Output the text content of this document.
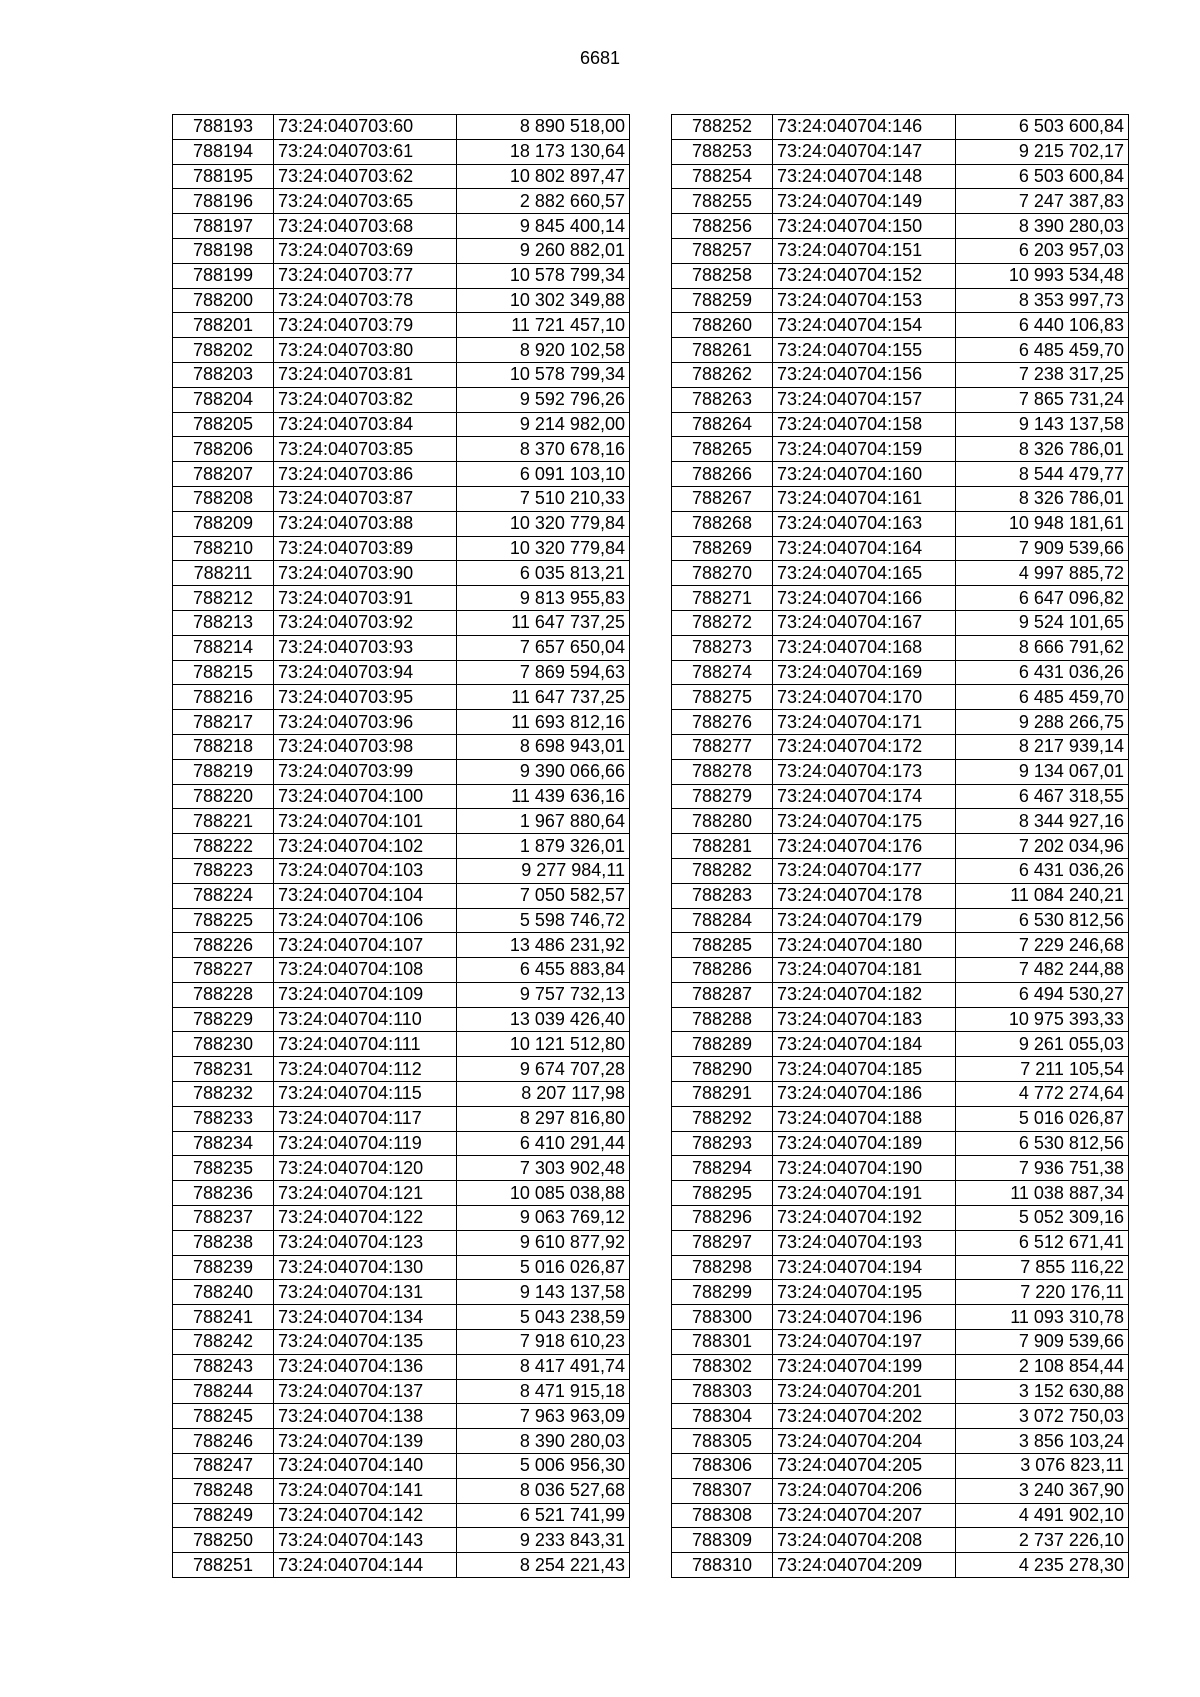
6681
788193	73:24:040703:60	8 890 518,00
788194	73:24:040703:61	18 173 130,64
788195	73:24:040703:62	10 802 897,47
788196	73:24:040703:65	2 882 660,57
788197	73:24:040703:68	9 845 400,14
788198	73:24:040703:69	9 260 882,01
788199	73:24:040703:77	10 578 799,34
788200	73:24:040703:78	10 302 349,88
788201	73:24:040703:79	11 721 457,10
788202	73:24:040703:80	8 920 102,58
788203	73:24:040703:81	10 578 799,34
788204	73:24:040703:82	9 592 796,26
788205	73:24:040703:84	9 214 982,00
788206	73:24:040703:85	8 370 678,16
788207	73:24:040703:86	6 091 103,10
788208	73:24:040703:87	7 510 210,33
788209	73:24:040703:88	10 320 779,84
788210	73:24:040703:89	10 320 779,84
788211	73:24:040703:90	6 035 813,21
788212	73:24:040703:91	9 813 955,83
788213	73:24:040703:92	11 647 737,25
788214	73:24:040703:93	7 657 650,04
788215	73:24:040703:94	7 869 594,63
788216	73:24:040703:95	11 647 737,25
788217	73:24:040703:96	11 693 812,16
788218	73:24:040703:98	8 698 943,01
788219	73:24:040703:99	9 390 066,66
788220	73:24:040704:100	11 439 636,16
788221	73:24:040704:101	1 967 880,64
788222	73:24:040704:102	1 879 326,01
788223	73:24:040704:103	9 277 984,11
788224	73:24:040704:104	7 050 582,57
788225	73:24:040704:106	5 598 746,72
788226	73:24:040704:107	13 486 231,92
788227	73:24:040704:108	6 455 883,84
788228	73:24:040704:109	9 757 732,13
788229	73:24:040704:110	13 039 426,40
788230	73:24:040704:111	10 121 512,80
788231	73:24:040704:112	9 674 707,28
788232	73:24:040704:115	8 207 117,98
788233	73:24:040704:117	8 297 816,80
788234	73:24:040704:119	6 410 291,44
788235	73:24:040704:120	7 303 902,48
788236	73:24:040704:121	10 085 038,88
788237	73:24:040704:122	9 063 769,12
788238	73:24:040704:123	9 610 877,92
788239	73:24:040704:130	5 016 026,87
788240	73:24:040704:131	9 143 137,58
788241	73:24:040704:134	5 043 238,59
788242	73:24:040704:135	7 918 610,23
788243	73:24:040704:136	8 417 491,74
788244	73:24:040704:137	8 471 915,18
788245	73:24:040704:138	7 963 963,09
788246	73:24:040704:139	8 390 280,03
788247	73:24:040704:140	5 006 956,30
788248	73:24:040704:141	8 036 527,68
788249	73:24:040704:142	6 521 741,99
788250	73:24:040704:143	9 233 843,31
788251	73:24:040704:144	8 254 221,43
788252	73:24:040704:146	6 503 600,84
788253	73:24:040704:147	9 215 702,17
788254	73:24:040704:148	6 503 600,84
788255	73:24:040704:149	7 247 387,83
788256	73:24:040704:150	8 390 280,03
788257	73:24:040704:151	6 203 957,03
788258	73:24:040704:152	10 993 534,48
788259	73:24:040704:153	8 353 997,73
788260	73:24:040704:154	6 440 106,83
788261	73:24:040704:155	6 485 459,70
788262	73:24:040704:156	7 238 317,25
788263	73:24:040704:157	7 865 731,24
788264	73:24:040704:158	9 143 137,58
788265	73:24:040704:159	8 326 786,01
788266	73:24:040704:160	8 544 479,77
788267	73:24:040704:161	8 326 786,01
788268	73:24:040704:163	10 948 181,61
788269	73:24:040704:164	7 909 539,66
788270	73:24:040704:165	4 997 885,72
788271	73:24:040704:166	6 647 096,82
788272	73:24:040704:167	9 524 101,65
788273	73:24:040704:168	8 666 791,62
788274	73:24:040704:169	6 431 036,26
788275	73:24:040704:170	6 485 459,70
788276	73:24:040704:171	9 288 266,75
788277	73:24:040704:172	8 217 939,14
788278	73:24:040704:173	9 134 067,01
788279	73:24:040704:174	6 467 318,55
788280	73:24:040704:175	8 344 927,16
788281	73:24:040704:176	7 202 034,96
788282	73:24:040704:177	6 431 036,26
788283	73:24:040704:178	11 084 240,21
788284	73:24:040704:179	6 530 812,56
788285	73:24:040704:180	7 229 246,68
788286	73:24:040704:181	7 482 244,88
788287	73:24:040704:182	6 494 530,27
788288	73:24:040704:183	10 975 393,33
788289	73:24:040704:184	9 261 055,03
788290	73:24:040704:185	7 211 105,54
788291	73:24:040704:186	4 772 274,64
788292	73:24:040704:188	5 016 026,87
788293	73:24:040704:189	6 530 812,56
788294	73:24:040704:190	7 936 751,38
788295	73:24:040704:191	11 038 887,34
788296	73:24:040704:192	5 052 309,16
788297	73:24:040704:193	6 512 671,41
788298	73:24:040704:194	7 855 116,22
788299	73:24:040704:195	7 220 176,11
788300	73:24:040704:196	11 093 310,78
788301	73:24:040704:197	7 909 539,66
788302	73:24:040704:199	2 108 854,44
788303	73:24:040704:201	3 152 630,88
788304	73:24:040704:202	3 072 750,03
788305	73:24:040704:204	3 856 103,24
788306	73:24:040704:205	3 076 823,11
788307	73:24:040704:206	3 240 367,90
788308	73:24:040704:207	4 491 902,10
788309	73:24:040704:208	2 737 226,10
788310	73:24:040704:209	4 235 278,30
